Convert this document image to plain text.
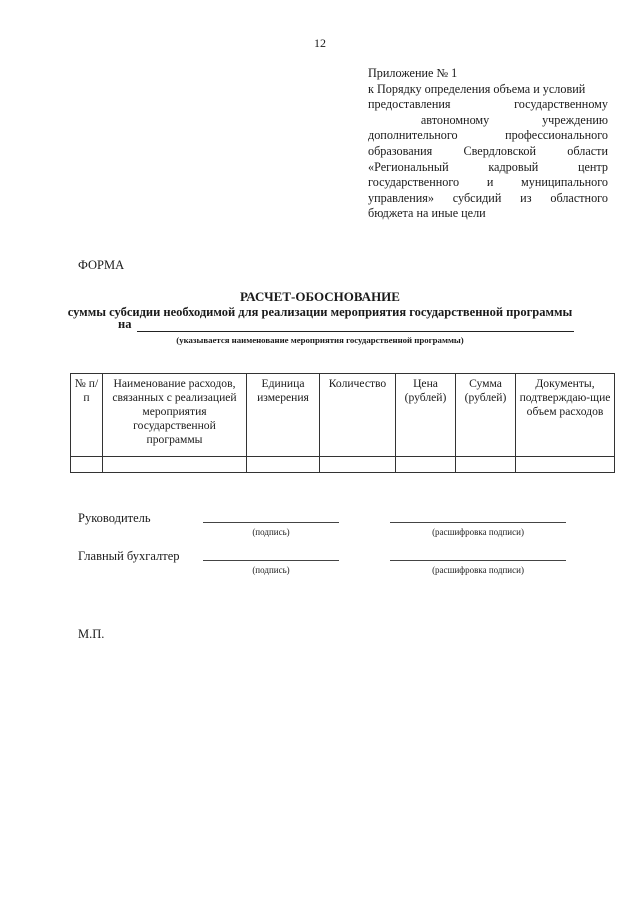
12
Приложение № 1
к Порядку определения объема и условий
предоставления	государственному
автономному	учреждению
дополнительного	профессионального
образования	Свердловской	области
«Региональный	кадровый	центр
государственного и муниципального
управления» субсидий из областного
бюджета на иные цели
ФОРМА
РАСЧЕТ-ОБОСНОВАНИЕ
суммы субсидии необходимой для реализации мероприятия государственной программы
на
(указывается наименование мероприятия государственной программы)
№ п/п	Наименование расходов, связанных с реализацией мероприятия государственной программы	Единица измерения	Количество	Цена (рублей)	Сумма (рублей)	Документы, подтверждаю-щие объем расходов

Руководитель
(подпись)	(расшифровка подписи)
Главный бухгалтер
(подпись)	(расшифровка подписи)
М.П.
